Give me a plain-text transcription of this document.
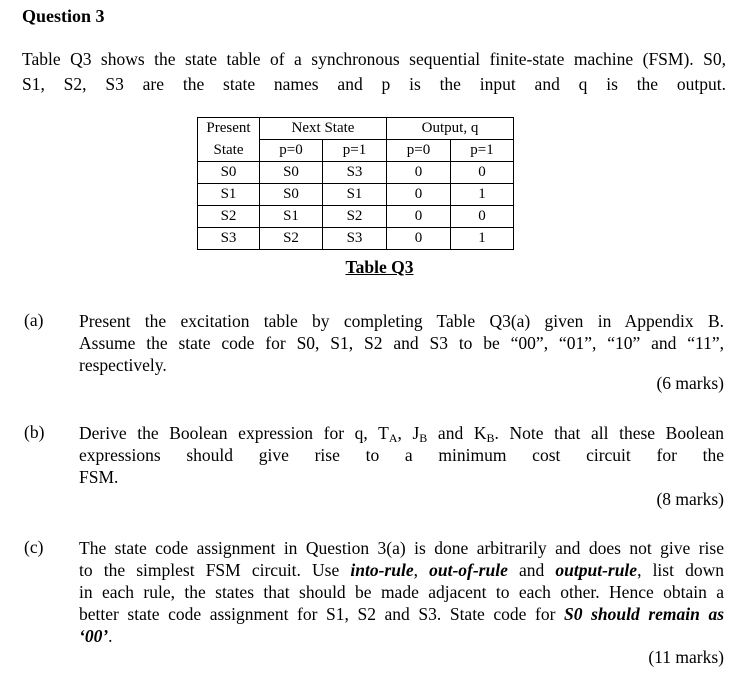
Question 3
Table Q3 shows the state table of a synchronous sequential finite-state machine (FSM). S0,
S1, S2, S3 are the state names and p is the input and q is the output.
Present	Next State		Output, q	
State	p=0	p=1	p=0	p=1
S0	S0	S3	0	0
S1	S0	S1	0	1
S2	S1	S2	0	0
S3	S2	S3	0	1
Table Q3
(a) Present the excitation table by completing Table Q3(a) given in Appendix B.
Assume the state code for S0, S1, S2 and S3 to be “00”, “01”, “10” and “11”,
respectively.
(6 marks)
(b) Derive the Boolean expression for q, $T_A$, $J_B$ and $K_B$. Note that all these Boolean
expressions should give rise to a minimum cost circuit for the
FSM.
(8 marks)
(c) The state code assignment in Question 3(a) is done arbitrarily and does not give rise
to the simplest FSM circuit. Use into-rule, out-of-rule and output-rule, list down
in each rule, the states that should be made adjacent to each other. Hence obtain a
better state code assignment for S1, S2 and S3. State code for S0 should remain as
‘00’.
(11 marks)
